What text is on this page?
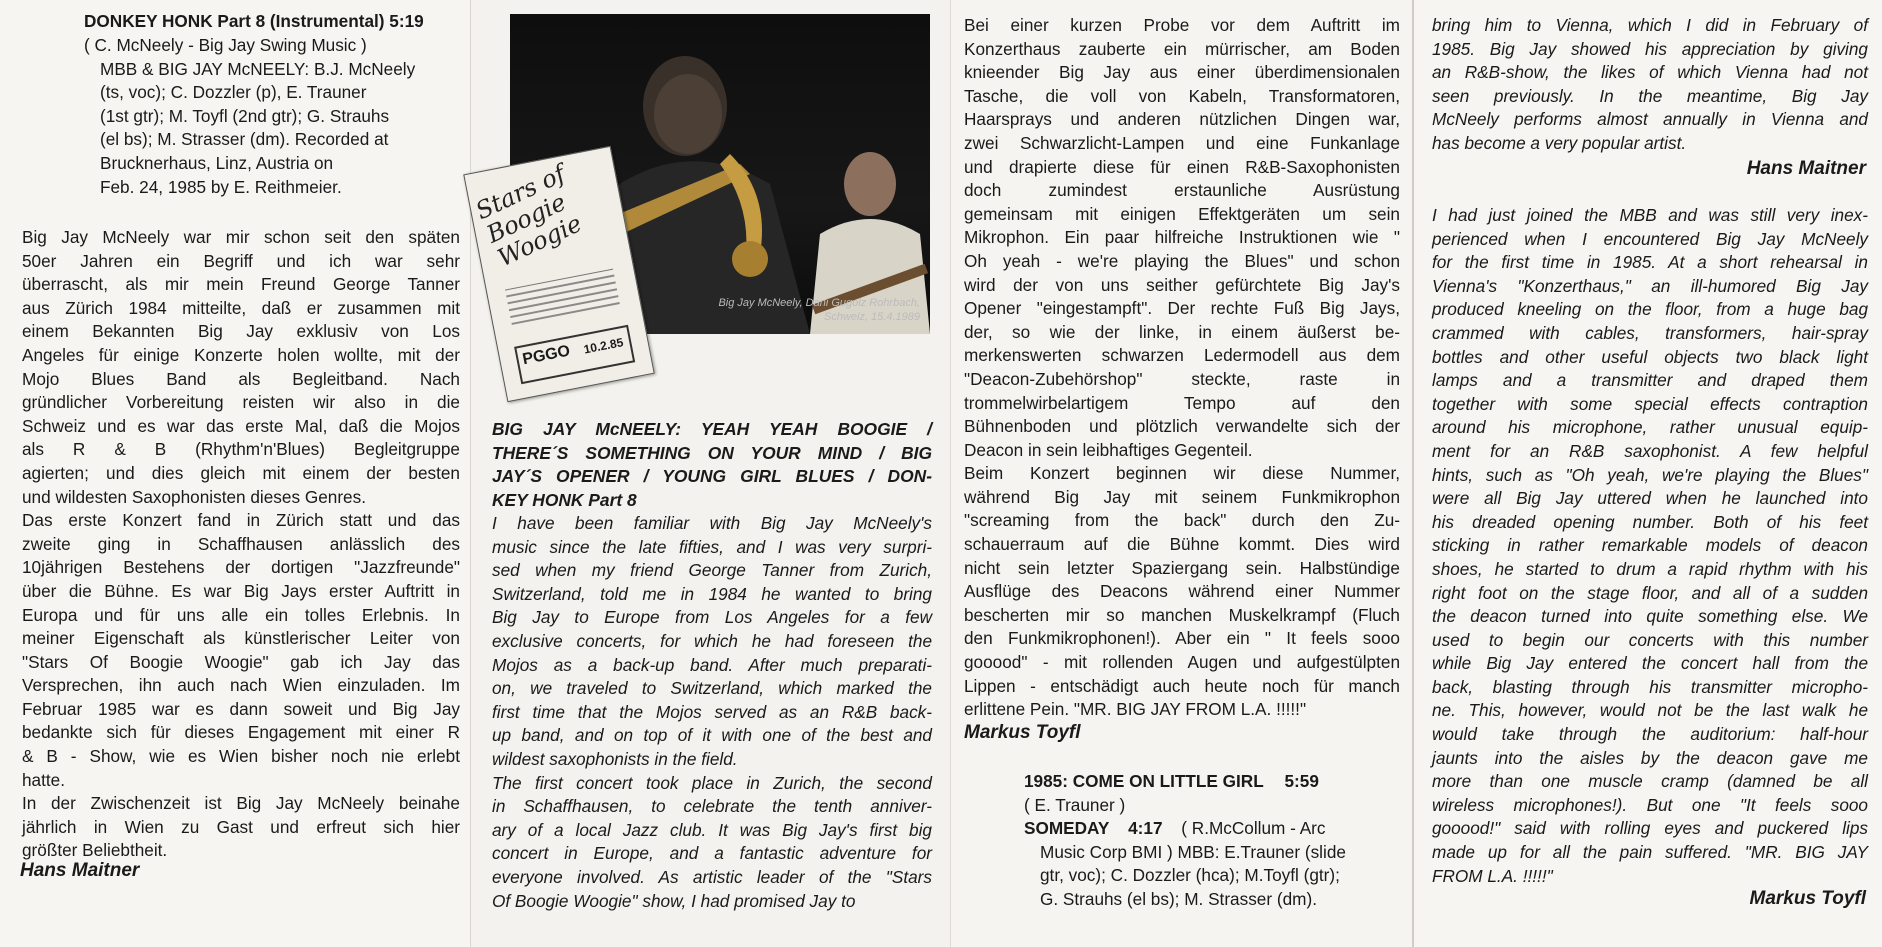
DONKEY HONK Part 8 (Instrumental) 5:19

( C. McNeely - Big Jay Swing Music )
MBB & BIG JAY McNEELY: B.J. McNeely
(ts, voc); C. Dozzler (p), E. Trauner
(1st gtr); M. Toyfl (2nd gtr); G. Strauhs
(el bs); M. Strasser (dm). Recorded at
Brucknerhaus, Linz, Austria on
Feb. 24, 1985 by E. Reithmeier.
Big Jay McNeely war mir schon seit den späten
50er Jahren ein Begriff und ich war sehr
überrascht, als mir mein Freund George Tanner
aus Zürich 1984 mitteilte, daß er zusammen mit
einem Bekannten Big Jay exklusiv von Los
Angeles für einige Konzerte holen wollte, mit der
Mojo Blues Band als Begleitband. Nach
gründlicher Vorbereitung reisten wir also in die
Schweiz und es war das erste Mal, daß die Mojos
als R & B (Rhythm'n'Blues) Begleitgruppe
agierten; und dies gleich mit einem der besten
und wildesten Saxophonisten dieses Genres.
Das erste Konzert fand in Zürich statt und das
zweite ging in Schaffhausen anlässlich des
10jährigen Bestehens der dortigen "Jazzfreunde"
über die Bühne. Es war Big Jays erster Auftritt in
Europa und für uns alle ein tolles Erlebnis. In
meiner Eigenschaft als künstlerischer Leiter von
"Stars Of Boogie Woogie" gab ich Jay das
Versprechen, ihn auch nach Wien einzuladen. Im
Februar 1985 war es dann soweit und Big Jay
bedankte sich für dieses Engagement mit einer R
& B - Show, wie es Wien bisher noch nie erlebt
hatte.
In der Zwischenzeit ist Big Jay McNeely beinahe
jährlich in Wien zu Gast und erfreut sich hier
größter Beliebtheit.

Hans Maitner

Big Jay McNeely, Dani Gugolz Rohrbach,
Schweiz, 15.4.1989
Stars of Boogie Woogie
PGGO 10.2.85
BIG JAY McNEELY: YEAH YEAH BOOGIE /
THERE´S SOMETHING ON YOUR MIND / BIG
JAY´S OPENER / YOUNG GIRL BLUES / DON-
KEY HONK Part 8
I have been familiar with Big Jay McNeely's
music since the late fifties, and I was very surpri-
sed when my friend George Tanner from Zurich,
Switzerland, told me in 1984 he wanted to bring
Big Jay to Europe from Los Angeles for a few
exclusive concerts, for which he had foreseen the
Mojos as a back-up band. After much preparati-
on, we traveled to Switzerland, which marked the
first time that the Mojos served as an R&B back-
up band, and on top of it with one of the best and
wildest saxophonists in the field.
The first concert took place in Zurich, the second
in Schaffhausen, to celebrate the tenth anniver-
ary of a local Jazz club. It was Big Jay's first big
concert in Europe, and a fantastic adventure for
everyone involved. As artistic leader of the "Stars
Of Boogie Woogie" show, I had promised Jay to
Bei einer kurzen Probe vor dem Auftritt im
Konzerthaus zauberte ein mürrischer, am Boden
knieender Big Jay aus einer überdimensionalen
Tasche, die voll von Kabeln, Transformatoren,
Haarsprays und anderen nützlichen Dingen war,
zwei Schwarzlicht-Lampen und eine Funkanlage
und drapierte diese für einen R&B-Saxophonisten
doch zumindest erstaunliche Ausrüstung
gemeinsam mit einigen Effektgeräten um sein
Mikrophon. Ein paar hilfreiche Instruktionen wie "
Oh yeah - we're playing the Blues" und schon
wird der von uns seither gefürchtete Big Jay's
Opener "eingestampft". Der rechte Fuß Big Jays,
der, so wie der linke, in einem äußerst be-
merkenswerten schwarzen Ledermodell aus dem
"Deacon-Zubehörshop" steckte, raste in
trommelwirbelartigem Tempo auf den
Bühnenboden und plötzlich verwandelte sich der
Deacon in sein leibhaftiges Gegenteil.
Beim Konzert beginnen wir diese Nummer,
während Big Jay mit seinem Funkmikrophon
"screaming from the back" durch den Zu-
schauerraum auf die Bühne kommt. Dies wird
nicht sein letzter Spaziergang sein. Halbstündige
Ausflüge des Deacons während einer Nummer
bescherten mir so manchen Muskelkrampf (Fluch
den Funkmikrophonen!). Aber ein " It feels sooo
gooood" - mit rollenden Augen und aufgestülpten
Lippen - entschädigt auch heute noch für manch
erlittene Pein. "MR. BIG JAY FROM L.A. !!!!!"

Markus Toyfl

1985: COME ON LITTLE GIRL 5:59
( E. Trauner )
SOMEDAY 4:17 ( R.McCollum - Arc
Music Corp BMI ) MBB: E.Trauner (slide
gtr, voc); C. Dozzler (hca); M.Toyfl (gtr);
G. Strauhs (el bs); M. Strasser (dm).
bring him to Vienna, which I did in February of
1985. Big Jay showed his appreciation by giving
an R&B-show, the likes of which Vienna had not
seen previously. In the meantime, Big Jay
McNeely performs almost annually in Vienna and
has become a very popular artist.

Hans Maitner

I had just joined the MBB and was still very inex-
perienced when I encountered Big Jay McNeely
for the first time in 1985. At a short rehearsal in
Vienna's "Konzerthaus," an ill-humored Big Jay
produced kneeling on the floor, from a huge bag
crammed with cables, transformers, hair-spray
bottles and other useful objects two black light
lamps and a transmitter and draped them
together with some special effects contraption
around his microphone, rather unusual equip-
ment for an R&B saxophonist. A few helpful
hints, such as "Oh yeah, we're playing the Blues"
were all Big Jay uttered when he launched into
his dreaded opening number. Both of his feet
sticking in rather remarkable models of deacon
shoes, he started to drum a rapid rhythm with his
right foot on the stage floor, and all of a sudden
the deacon turned into quite something else. We
used to begin our concerts with this number
while Big Jay entered the concert hall from the
back, blasting through his transmitter micropho-
ne. This, however, would not be the last walk he
would take through the auditorium: half-hour
jaunts into the aisles by the deacon gave me
more than one muscle cramp (damned be all
wireless microphones!). But one "It feels sooo
gooood!" said with rolling eyes and puckered lips
made up for all the pain suffered. "MR. BIG JAY
FROM L.A. !!!!!"

Markus Toyfl
